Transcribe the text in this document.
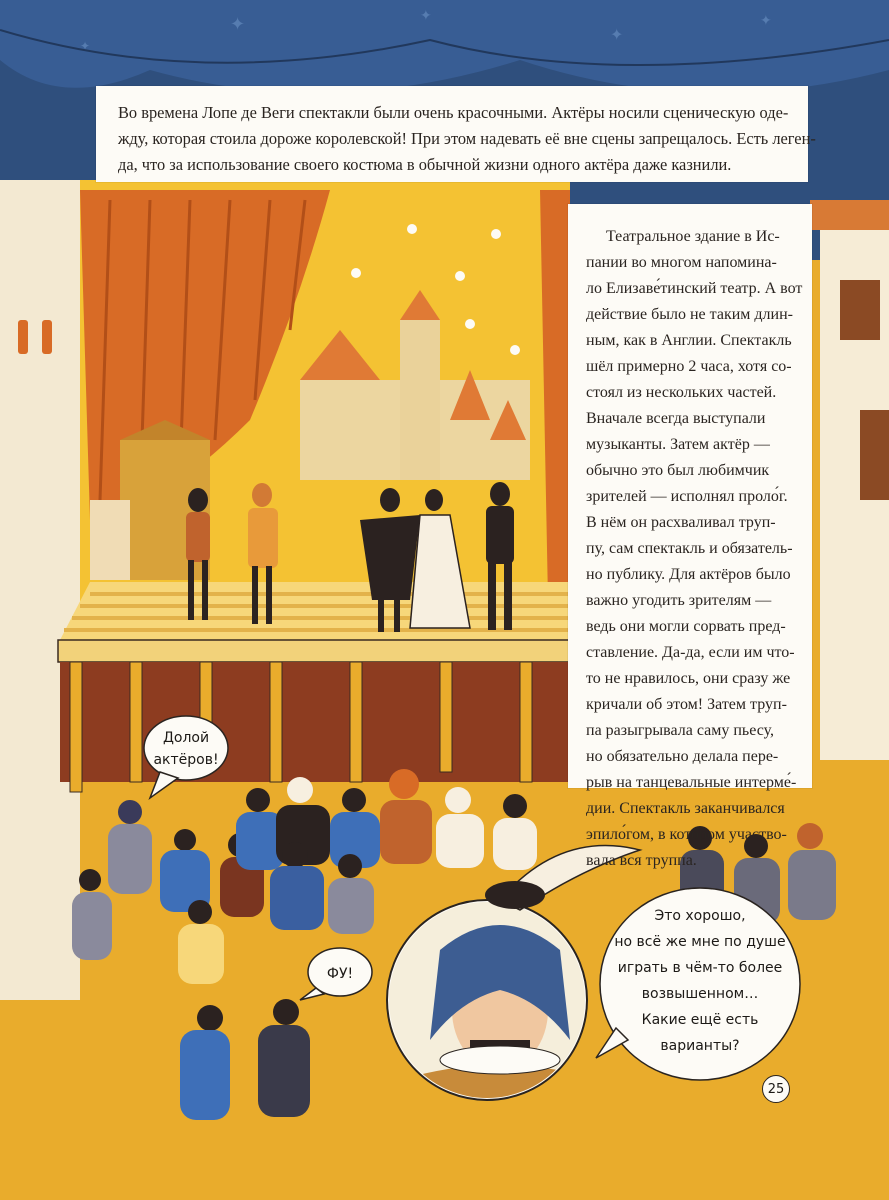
Долой
актёров!
ФУ!
Это хорошо,
но всё же мне по душе
играть в чём-то более
возвышенном…
Какие ещё есть
варианты?
Во времена Лопе де Веги спектакли были очень красочными. Актёры носили сценическую оде-
жду, которая стоила дороже королевской! При этом надевать её вне сцены запрещалось. Есть леген-
да, что за использование своего костюма в обычной жизни одного актёра даже казнили.
Театральное здание в Ис-
пании во многом напомина-
ло Елизаве́тинский театр. А вот
действие было не таким длин-
ным, как в Англии. Спектакль
шёл примерно 2 часа, хотя со-
стоял из нескольких частей.
Вначале всегда выступали
музыканты. Затем актёр —
обычно это был любимчик
зрителей — исполнял проло́г.
В нём он расхваливал труп-
пу, сам спектакль и обязатель-
но публику. Для актёров было
важно угодить зрителям —
ведь они могли сорвать пред-
ставление. Да-да, если им что-
то не нравилось, они сразу же
кричали об этом! Затем труп-
па разыгрывала саму пьесу,
но обязательно делала пере-
рыв на танцевальные интерме́-
дии. Спектакль заканчивался
эпило́гом, в котором участво-
вала вся труппа.
25
